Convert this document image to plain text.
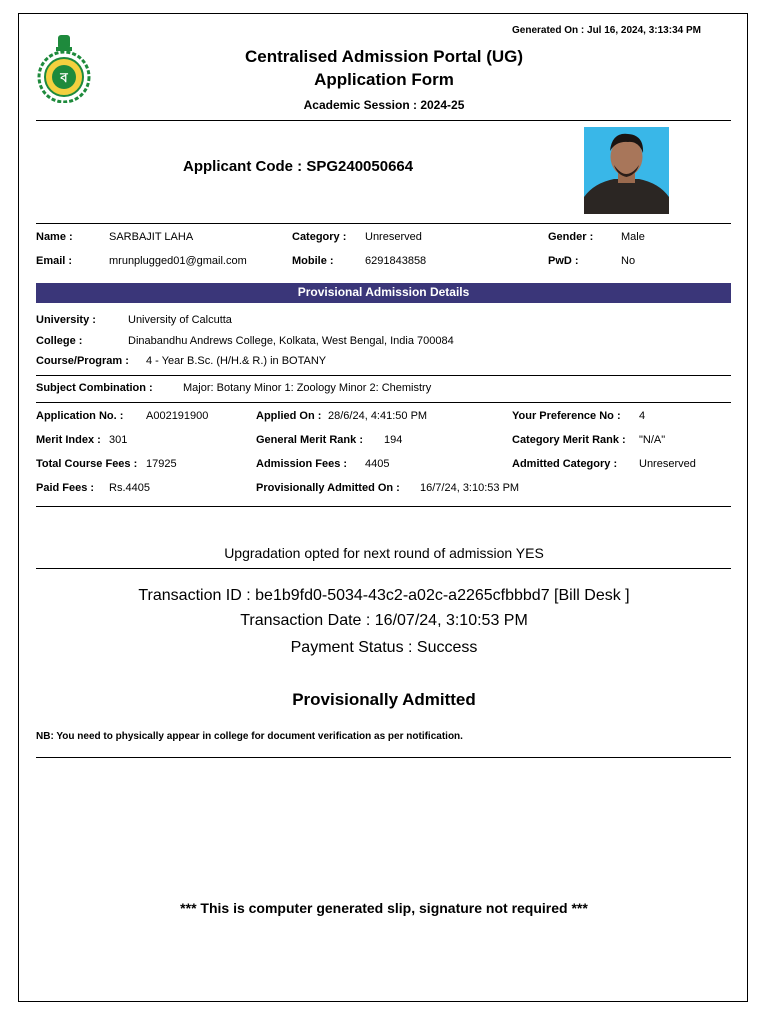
ব
Generated On : Jul 16, 2024, 3:13:34 PM
Centralised Admission Portal (UG)
Application Form
Academic Session : 2024-25
Applicant Code : SPG240050664
Name :	SARBAJIT LAHA	Category : Unreserved	Gender :	Male
Email :	mrunplugged01@gmail.com	Mobile :	6291843858	PwD :	No
Provisional Admission Details
University :	University of Calcutta
College :	Dinabandhu Andrews College, Kolkata, West Bengal, India 700084
Course/Program : 4 - Year B.Sc. (H/H.& R.) in BOTANY
Subject Combination :	Major: Botany Minor 1: Zoology Minor 2: Chemistry
Application No. : A002191900	Applied On : 28/6/24, 4:41:50 PM	Your Preference No : 4
Merit Index : 301	General Merit Rank : 194	Category Merit Rank : "N/A"
Total Course Fees : 17925	Admission Fees : 4405	Admitted Category : Unreserved
Paid Fees : Rs.4405	Provisionally Admitted On : 16/7/24, 3:10:53 PM
Upgradation opted for next round of admission YES
Transaction ID : be1b9fd0-5034-43c2-a02c-a2265cfbbbd7 [Bill Desk ]
Transaction Date : 16/07/24, 3:10:53 PM
Payment Status : Success
Provisionally Admitted
NB: You need to physically appear in college for document verification as per notification.
*** This is computer generated slip, signature not required ***
